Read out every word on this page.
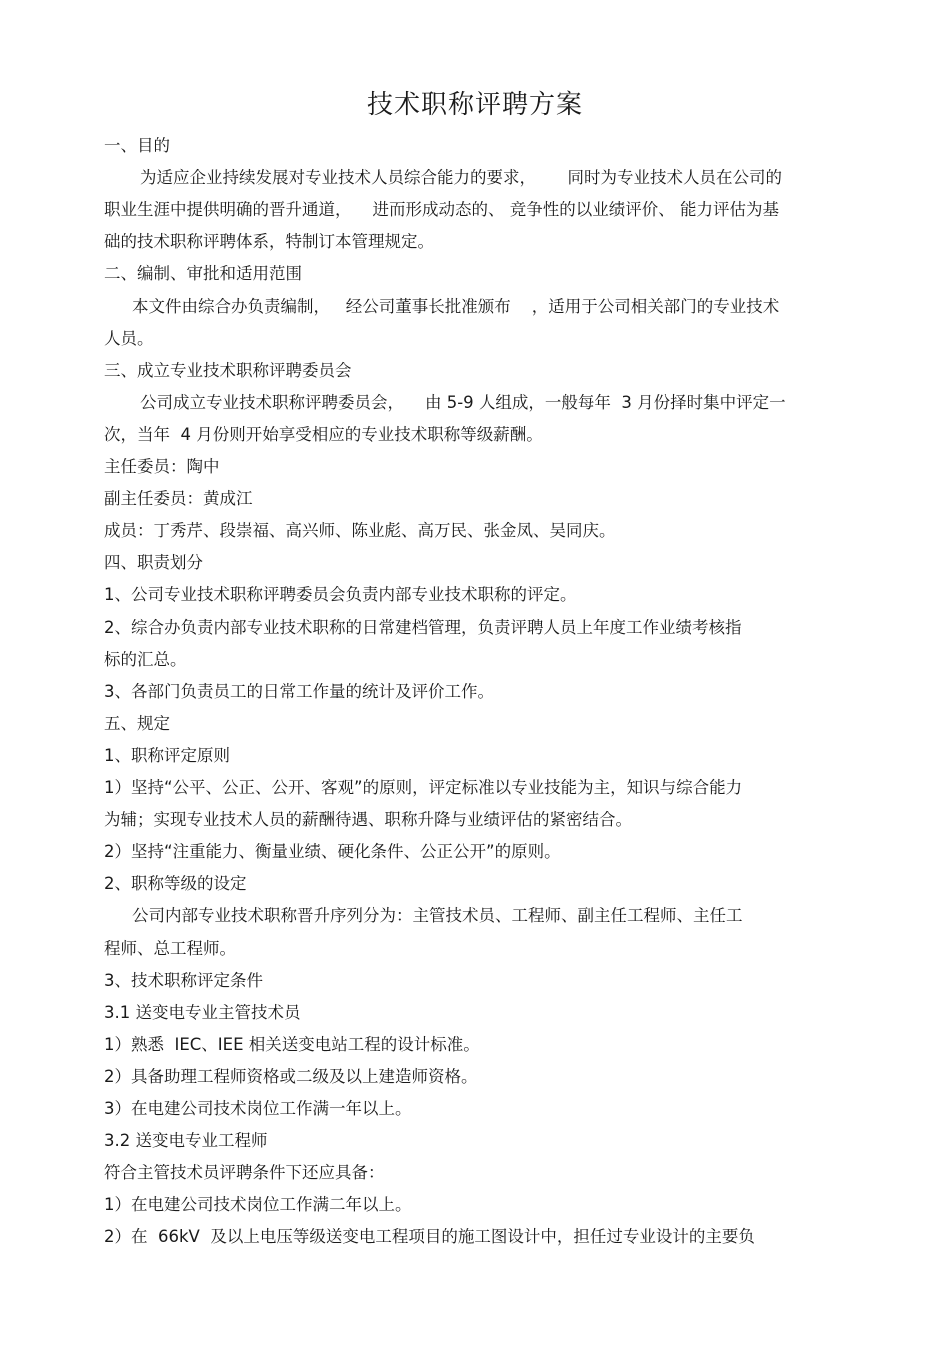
技术职称评聘方案
一、目的
为适应企业持续发展对专业技术人员综合能力的要求，      同时为专业技术人员在公司的
职业生涯中提供明确的晋升通道，    进而形成动态的、 竞争性的以业绩评价、 能力评估为基
础的技术职称评聘体系，特制订本管理规定。
二、编制、审批和适用范围
本文件由综合办负责编制，   经公司董事长批准颁布    ，适用于公司相关部门的专业技术
人员。
三、成立专业技术职称评聘委员会
公司成立专业技术职称评聘委员会，    由 5-9 人组成，一般每年  3 月份择时集中评定一
次，当年  4 月份则开始享受相应的专业技术职称等级薪酬。
主任委员：陶中
副主任委员：黄成江
成员：丁秀芹、段崇福、高兴师、陈业彪、高万民、张金凤、吴同庆。
四、职责划分
1、公司专业技术职称评聘委员会负责内部专业技术职称的评定。
2、综合办负责内部专业技术职称的日常建档管理，负责评聘人员上年度工作业绩考核指
标的汇总。
3、各部门负责员工的日常工作量的统计及评价工作。
五、规定
1、职称评定原则
1）坚持“公平、公正、公开、客观”的原则，评定标准以专业技能为主，知识与综合能力
为辅；实现专业技术人员的薪酬待遇、职称升降与业绩评估的紧密结合。
2）坚持“注重能力、衡量业绩、硬化条件、公正公开”的原则。
2、职称等级的设定
公司内部专业技术职称晋升序列分为：主管技术员、工程师、副主任工程师、主任工
程师、总工程师。
3、技术职称评定条件
3.1 送变电专业主管技术员
1）熟悉  IEC、IEE 相关送变电站工程的设计标准。
2）具备助理工程师资格或二级及以上建造师资格。
3）在电建公司技术岗位工作满一年以上。
3.2 送变电专业工程师
符合主管技术员评聘条件下还应具备：
1）在电建公司技术岗位工作满二年以上。
2）在  66kV  及以上电压等级送变电工程项目的施工图设计中，担任过专业设计的主要负
